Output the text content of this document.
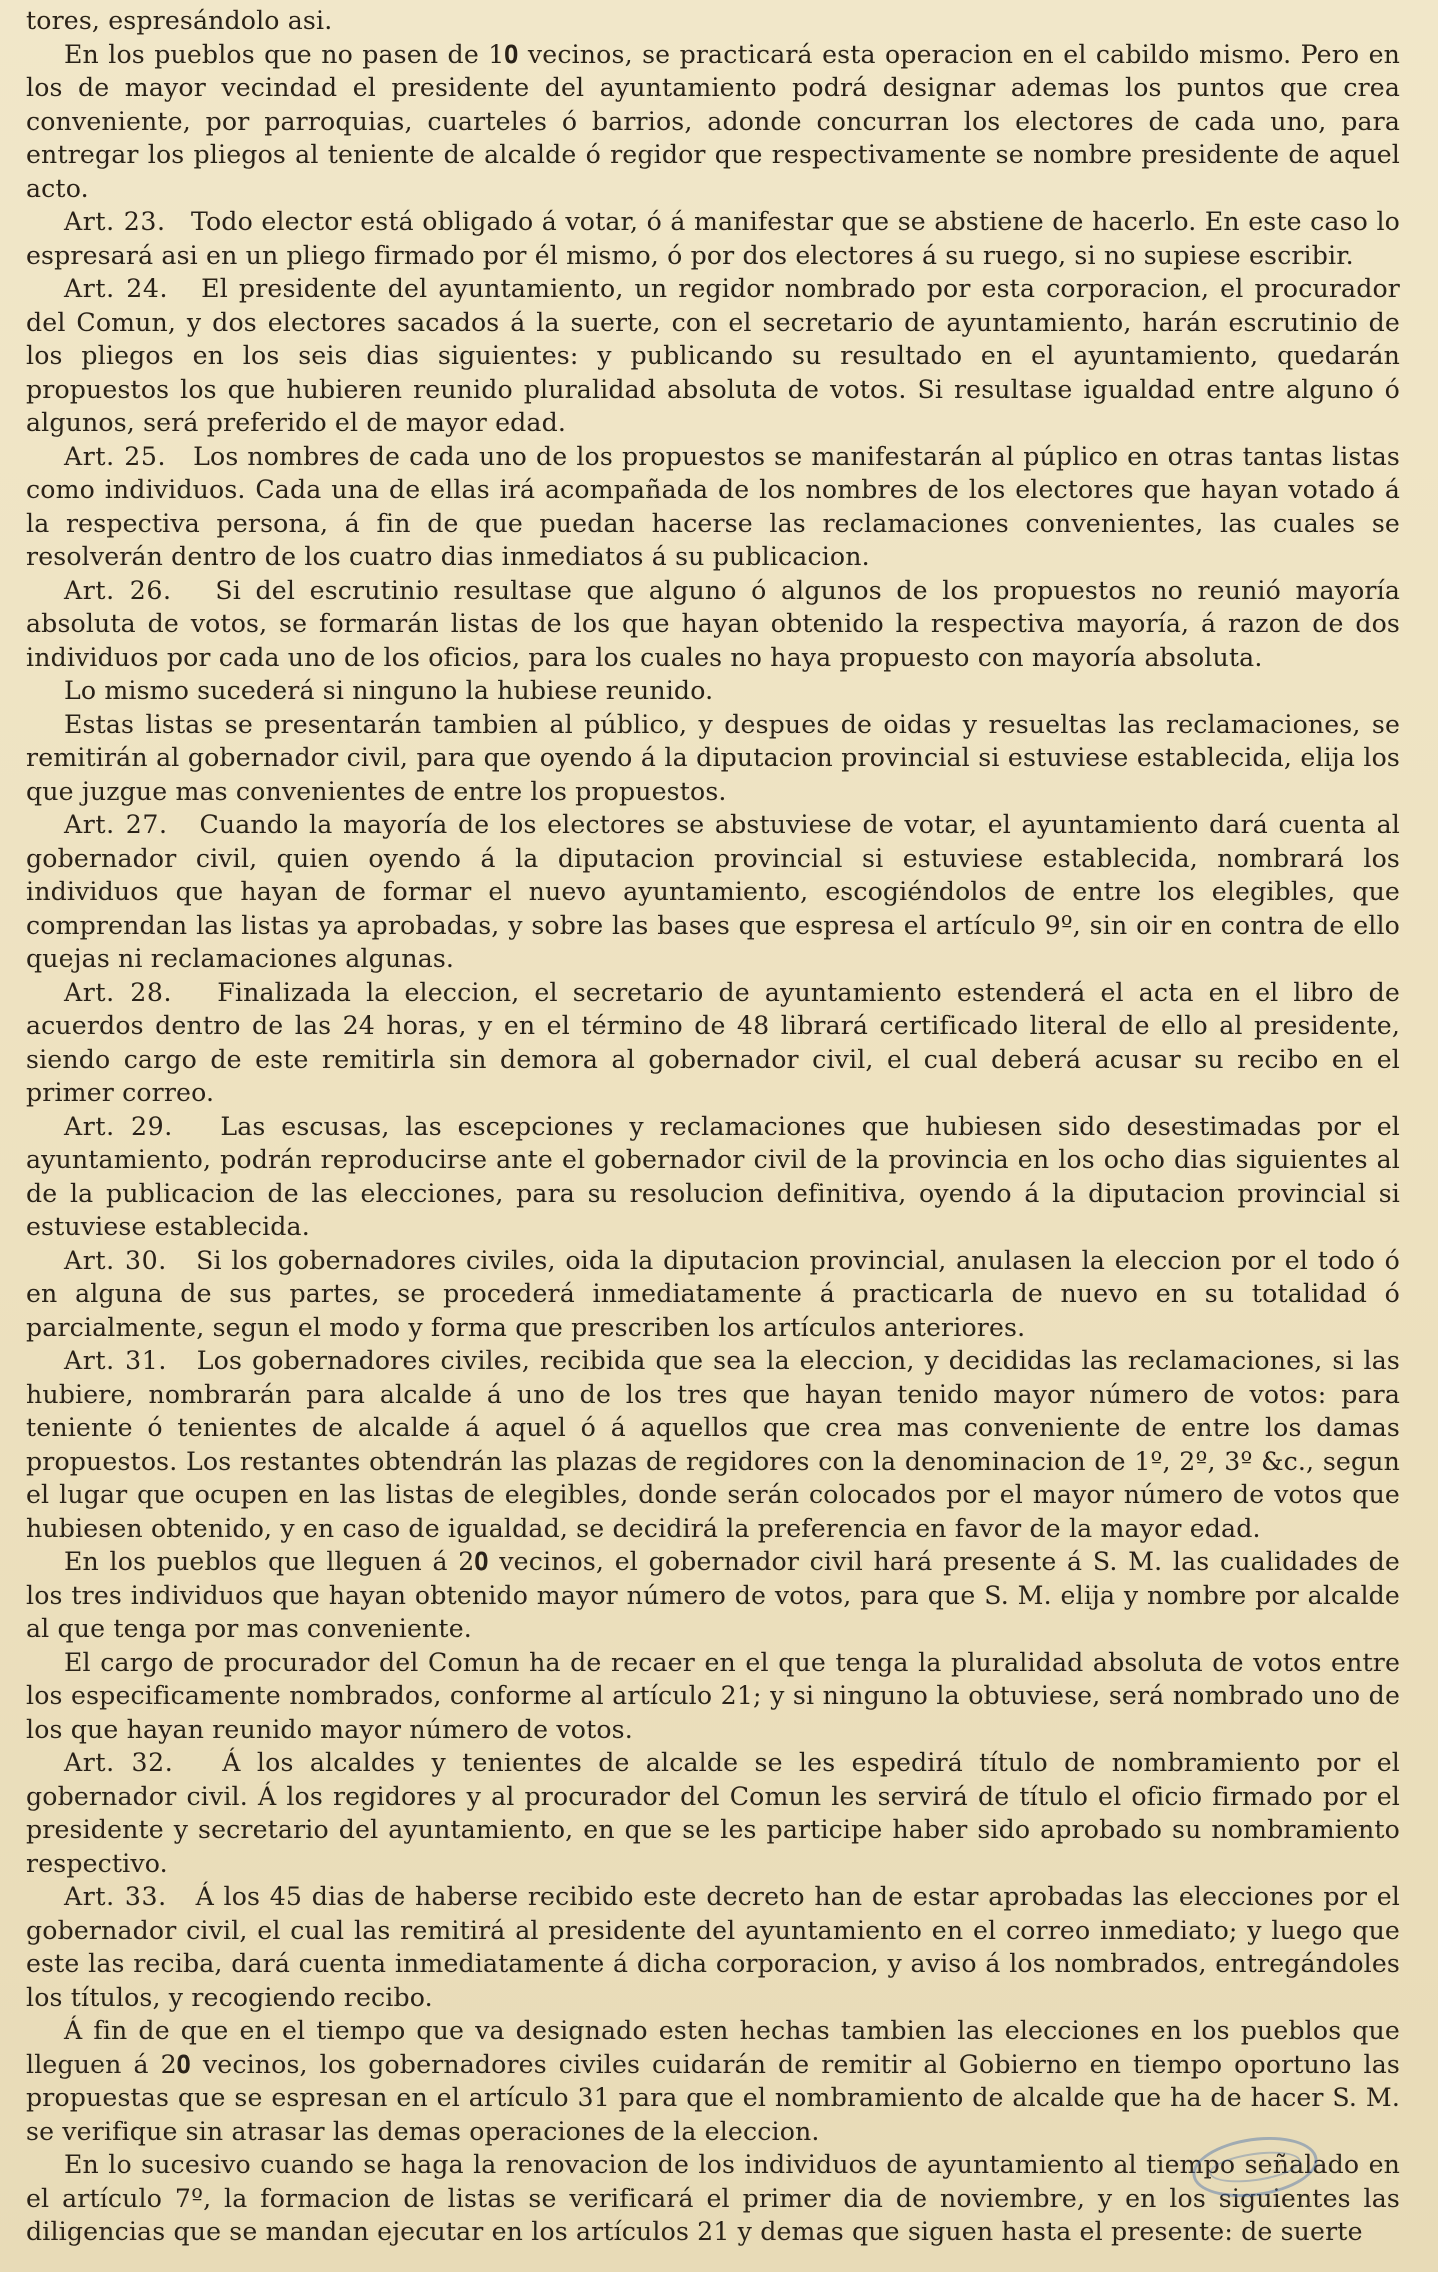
tores, espresándolo asi.

En los pueblos que no pasen de 1𝟎 vecinos, se practicará esta operacion en el cabildo mismo. Pero en los de mayor vecindad el presidente del ayuntamiento podrá designar ademas los puntos que crea conveniente, por parroquias, cuarteles ó barrios, adonde concurran los electores de cada uno, para entregar los pliegos al teniente de alcalde ó regidor que respectivamente se nombre presidente de aquel acto.

Art. 23. Todo elector está obligado á votar, ó á manifestar que se abstiene de hacerlo. En este caso lo espresará asi en un pliego firmado por él mismo, ó por dos electores á su ruego, si no supiese escribir.

Art. 24. El presidente del ayuntamiento, un regidor nombrado por esta corporacion, el procurador del Comun, y dos electores sacados á la suerte, con el secretario de ayuntamiento, harán escrutinio de los pliegos en los seis dias siguientes: y publicando su resultado en el ayuntamiento, quedarán propuestos los que hubieren reunido pluralidad absoluta de votos. Si resultase igualdad entre alguno ó algunos, será preferido el de mayor edad.

Art. 25. Los nombres de cada uno de los propuestos se manifestarán al púplico en otras tantas listas como individuos. Cada una de ellas irá acompañada de los nombres de los electores que hayan votado á la respectiva persona, á fin de que puedan hacerse las reclamaciones convenientes, las cuales se resolverán dentro de los cuatro dias inmediatos á su publicacion.

Art. 26. Si del escrutinio resultase que alguno ó algunos de los propuestos no reunió mayoría absoluta de votos, se formarán listas de los que hayan obtenido la respectiva mayoría, á razon de dos individuos por cada uno de los oficios, para los cuales no haya propuesto con mayoría absoluta.

Lo mismo sucederá si ninguno la hubiese reunido.

Estas listas se presentarán tambien al público, y despues de oidas y resueltas las reclamaciones, se remitirán al gobernador civil, para que oyendo á la diputacion provincial si estuviese establecida, elija los que juzgue mas convenientes de entre los propuestos.

Art. 27. Cuando la mayoría de los electores se abstuviese de votar, el ayuntamiento dará cuenta al gobernador civil, quien oyendo á la diputacion provincial si estuviese establecida, nombrará los individuos que hayan de formar el nuevo ayuntamiento, escogiéndolos de entre los elegibles, que comprendan las listas ya aprobadas, y sobre las bases que espresa el artículo 9º, sin oir en contra de ello quejas ni reclamaciones algunas.

Art. 28. Finalizada la eleccion, el secretario de ayuntamiento estenderá el acta en el libro de acuerdos dentro de las 24 horas, y en el término de 48 librará certificado literal de ello al presidente, siendo cargo de este remitirla sin demora al gobernador civil, el cual deberá acusar su recibo en el primer correo.

Art. 29. Las escusas, las escepciones y reclamaciones que hubiesen sido desestimadas por el ayuntamiento, podrán reproducirse ante el gobernador civil de la provincia en los ocho dias siguientes al de la publicacion de las elecciones, para su resolucion definitiva, oyendo á la diputacion provincial si estuviese establecida.

Art. 30. Si los gobernadores civiles, oida la diputacion provincial, anulasen la eleccion por el todo ó en alguna de sus partes, se procederá inmediatamente á practicarla de nuevo en su totalidad ó parcialmente, segun el modo y forma que prescriben los artículos anteriores.

Art. 31. Los gobernadores civiles, recibida que sea la eleccion, y decididas las reclamaciones, si las hubiere, nombrarán para alcalde á uno de los tres que hayan tenido mayor número de votos: para teniente ó tenientes de alcalde á aquel ó á aquellos que crea mas conveniente de entre los damas propuestos. Los restantes obtendrán las plazas de regidores con la denominacion de 1º, 2º, 3º &c., segun el lugar que ocupen en las listas de elegibles, donde serán colocados por el mayor número de votos que hubiesen obtenido, y en caso de igualdad, se decidirá la preferencia en favor de la mayor edad.

En los pueblos que lleguen á 2𝟎 vecinos, el gobernador civil hará presente á S. M. las cualidades de los tres individuos que hayan obtenido mayor número de votos, para que S. M. elija y nombre por alcalde al que tenga por mas conveniente.

El cargo de procurador del Comun ha de recaer en el que tenga la pluralidad absoluta de votos entre los especificamente nombrados, conforme al artículo 21; y si ninguno la obtuviese, será nombrado uno de los que hayan reunido mayor número de votos.

Art. 32. Á los alcaldes y tenientes de alcalde se les espedirá título de nombramiento por el gobernador civil. Á los regidores y al procurador del Comun les servirá de título el oficio firmado por el presidente y secretario del ayuntamiento, en que se les participe haber sido aprobado su nombramiento respectivo.

Art. 33. Á los 45 dias de haberse recibido este decreto han de estar aprobadas las elecciones por el gobernador civil, el cual las remitirá al presidente del ayuntamiento en el correo inmediato; y luego que este las reciba, dará cuenta inmediatamente á dicha corporacion, y aviso á los nombrados, entregándoles los títulos, y recogiendo recibo.

Á fin de que en el tiempo que va designado esten hechas tambien las elecciones en los pueblos que lleguen á 2𝟎 vecinos, los gobernadores civiles cuidarán de remitir al Gobierno en tiempo oportuno las propuestas que se espresan en el artículo 31 para que el nombramiento de alcalde que ha de hacer S. M. se verifique sin atrasar las demas operaciones de la eleccion.

En lo sucesivo cuando se haga la renovacion de los individuos de ayuntamiento al tiempo señalado en el artículo 7º, la formacion de listas se verificará el primer dia de noviembre, y en los siguientes las diligencias que se mandan ejecutar en los artículos 21 y demas que siguen hasta el presente: de suerte
